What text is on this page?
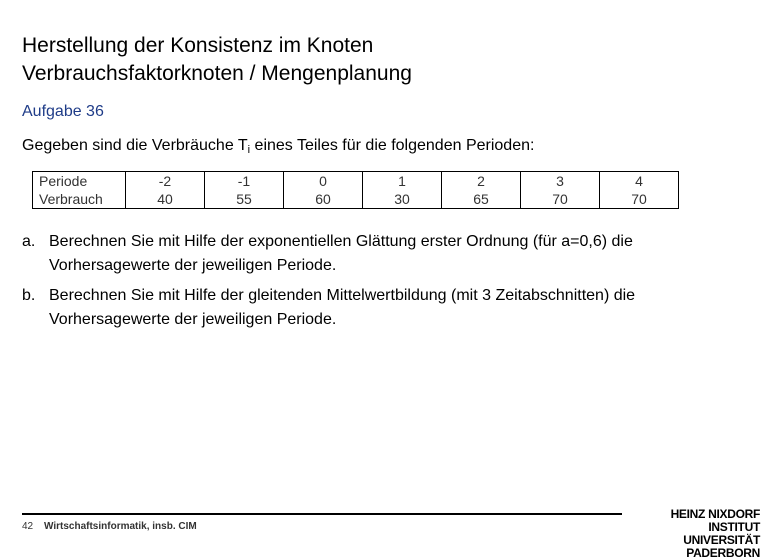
Herstellung der Konsistenz im Knoten
Verbrauchsfaktorknoten / Mengenplanung
Aufgabe 36
Gegeben sind die Verbräuche $T_i$ eines Teiles für die folgenden Perioden:
Periode	-2	-1	0	1	2	3	4
Verbrauch	40	55	60	30	65	70	70
a. Berechnen Sie mit Hilfe der exponentiellen Glättung erster Ordnung (für a=0,6) die Vorhersagewerte der jeweiligen Periode.
b. Berechnen Sie mit Hilfe der gleitenden Mittelwertbildung (mit 3 Zeitabschnitten) die Vorhersagewerte der jeweiligen Periode.
42 Wirtschaftsinformatik, insb. CIM
HEINZ NIXDORF INSTITUT
UNIVERSITÄT PADERBORN
